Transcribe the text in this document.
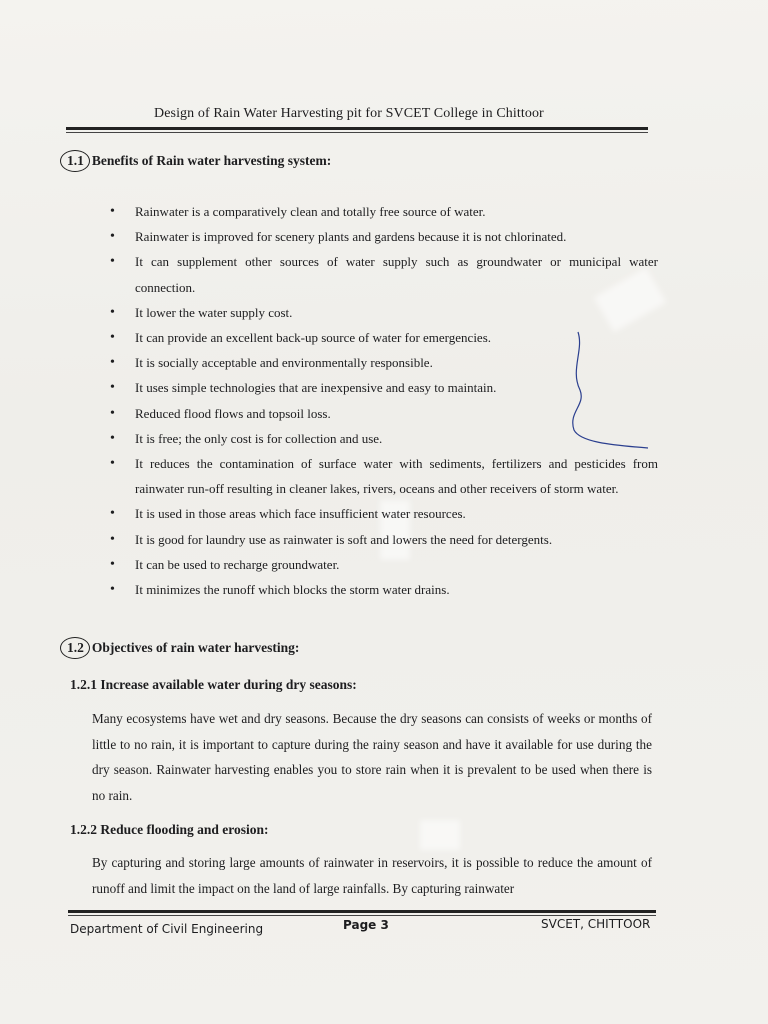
Design of Rain Water Harvesting pit for SVCET College in Chittoor
1.1 Benefits of Rain water harvesting system:
• Rainwater is a comparatively clean and totally free source of water.
• Rainwater is improved for scenery plants and gardens because it is not chlorinated.
• It can supplement other sources of water supply such as groundwater or municipal water connection.
• It lower the water supply cost.
• It can provide an excellent back-up source of water for emergencies.
• It is socially acceptable and environmentally responsible.
• It uses simple technologies that are inexpensive and easy to maintain.
• Reduced flood flows and topsoil loss.
• It is free; the only cost is for collection and use.
• It reduces the contamination of surface water with sediments, fertilizers and pesticides from rainwater run-off resulting in cleaner lakes, rivers, oceans and other receivers of storm water.
• It is used in those areas which face insufficient water resources.
• It is good for laundry use as rainwater is soft and lowers the need for detergents.
• It can be used to recharge groundwater.
• It minimizes the runoff which blocks the storm water drains.
1.2 Objectives of rain water harvesting:
1.2.1 Increase available water during dry seasons:

Many ecosystems have wet and dry seasons. Because the dry seasons can consists of weeks or months of little to no rain, it is important to capture during the rainy season and have it available for use during the dry season. Rainwater harvesting enables you to store rain when it is prevalent to be used when there is no rain.

1.2.2 Reduce flooding and erosion:

By capturing and storing large amounts of rainwater in reservoirs, it is possible to reduce the amount of runoff and limit the impact on the land of large rainfalls. By capturing rainwater

Department of Civil Engineering	Page 3	SVCET, CHITTOOR
